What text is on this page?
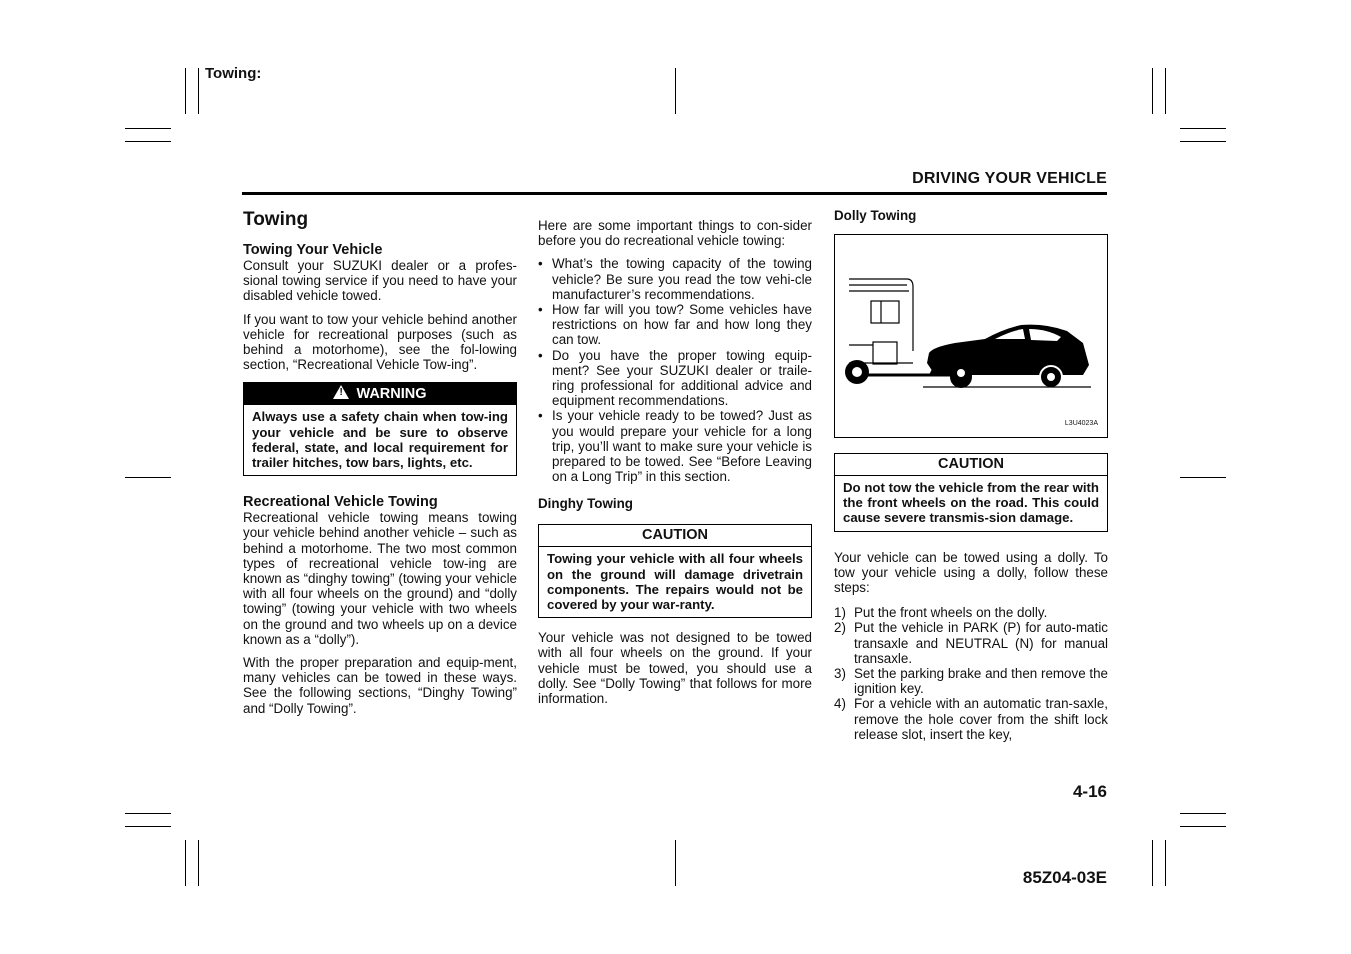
Towing:
DRIVING YOUR VEHICLE
Towing
Towing Your Vehicle

Consult your SUZUKI dealer or a profes-sional towing service if you need to have your disabled vehicle towed.

If you want to tow your vehicle behind another vehicle for recreational purposes (such as behind a motorhome), see the fol-lowing section, “Recreational Vehicle Tow-ing”.

! WARNING
Always use a safety chain when tow-ing your vehicle and be sure to observe federal, state, and local requirement for trailer hitches, tow bars, lights, etc.
Recreational Vehicle Towing

Recreational vehicle towing means towing your vehicle behind another vehicle – such as behind a motorhome. The two most common types of recreational vehicle tow-ing are known as “dinghy towing” (towing your vehicle with all four wheels on the ground) and “dolly towing” (towing your vehicle with two wheels on the ground and two wheels up on a device known as a “dolly”).

With the proper preparation and equip-ment, many vehicles can be towed in these ways. See the following sections, “Dinghy Towing” and “Dolly Towing”.

Here are some important things to con-sider before you do recreational vehicle towing:

• What’s the towing capacity of the towing vehicle? Be sure you read the tow vehi-cle manufacturer’s recommendations.
• How far will you tow? Some vehicles have restrictions on how far and how long they can tow.
• Do you have the proper towing equip-ment? See your SUZUKI dealer or traile-ring professional for additional advice and equipment recommendations.
• Is your vehicle ready to be towed? Just as you would prepare your vehicle for a long trip, you’ll want to make sure your vehicle is prepared to be towed. See “Before Leaving on a Long Trip” in this section.
Dinghy Towing
CAUTION
Towing your vehicle with all four wheels on the ground will damage drivetrain components. The repairs would not be covered by your war-ranty.

Your vehicle was not designed to be towed with all four wheels on the ground. If your vehicle must be towed, you should use a dolly. See “Dolly Towing” that follows for more information.

Dolly Towing
L3U4023A
CAUTION
Do not tow the vehicle from the rear with the front wheels on the road. This could cause severe transmis-sion damage.

Your vehicle can be towed using a dolly. To tow your vehicle using a dolly, follow these steps:

1) Put the front wheels on the dolly.
2) Put the vehicle in PARK (P) for auto-matic transaxle and NEUTRAL (N) for manual transaxle.
3) Set the parking brake and then remove the ignition key.
4) For a vehicle with an automatic tran-saxle, remove the hole cover from the shift lock release slot, insert the key,
4-16
85Z04-03E
